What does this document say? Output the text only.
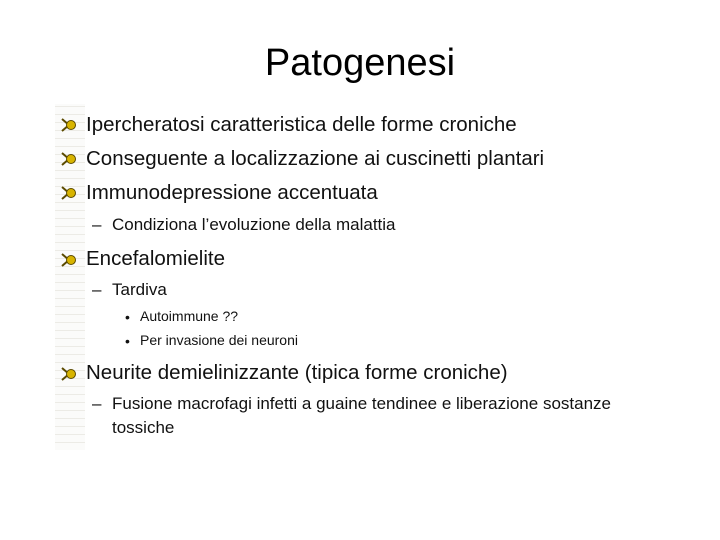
Patogenesi
Ipercheratosi caratteristica delle forme croniche
Conseguente a localizzazione ai cuscinetti plantari
Immunodepressione accentuata
– Condiziona l’evoluzione della malattia
Encefalomielite
– Tardiva
• Autoimmune ??
• Per invasione dei neuroni
Neurite demielinizzante (tipica forme croniche)
– Fusione macrofagi infetti a guaine tendinee e liberazione sostanze
tossiche
